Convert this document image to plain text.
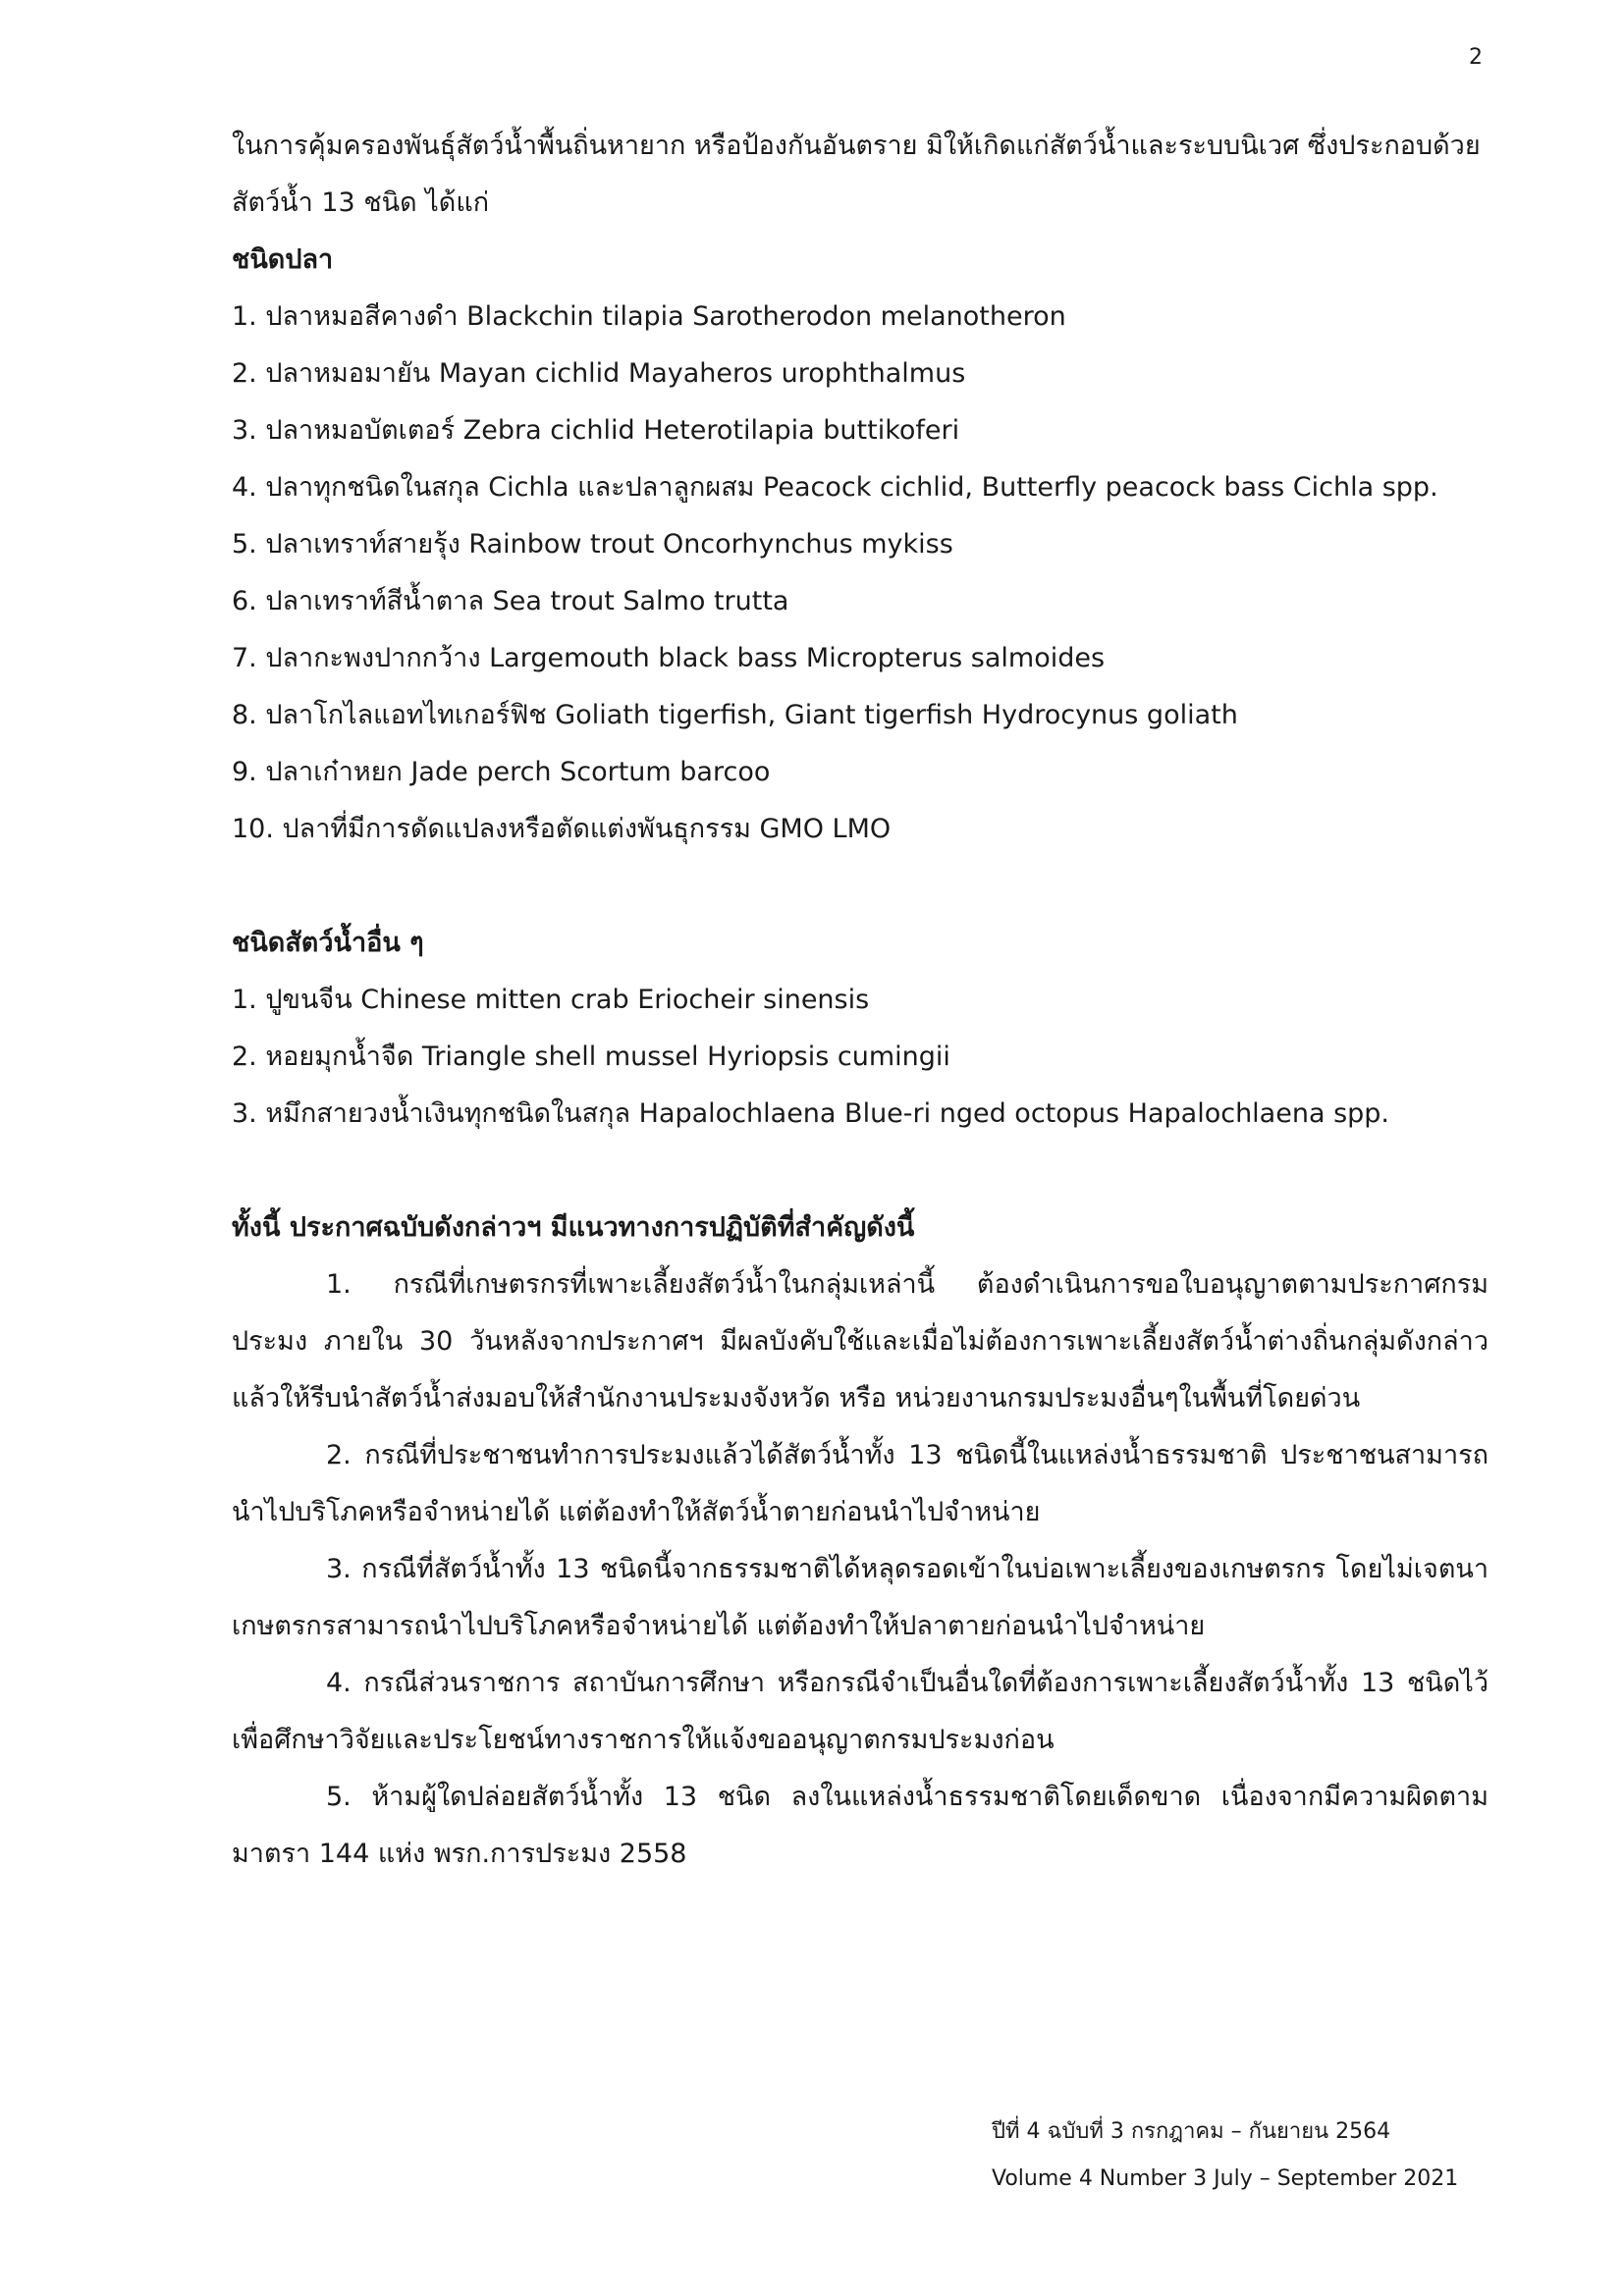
2

ในการคุ้มครองพันธุ์สัตว์น้ำพื้นถิ่นหายาก หรือป้องกันอันตราย มิให้เกิดแก่สัตว์น้ำและระบบนิเวศ ซึ่งประกอบด้วยสัตว์น้ำ 13 ชนิด ได้แก่

ชนิดปลา

1. ปลาหมอสีคางดำ Blackchin tilapia Sarotherodon melanotheron
2. ปลาหมอมายัน Mayan cichlid Mayaheros urophthalmus
3. ปลาหมอบัตเตอร์ Zebra cichlid Heterotilapia buttikoferi
4. ปลาทุกชนิดในสกุล Cichla และปลาลูกผสม Peacock cichlid, Butterfly peacock bass Cichla spp.
5. ปลาเทราท์สายรุ้ง Rainbow trout Oncorhynchus mykiss
6. ปลาเทราท์สีน้ำตาล Sea trout Salmo trutta
7. ปลากะพงปากกว้าง Largemouth black bass Micropterus salmoides
8. ปลาโกไลแอทไทเกอร์ฟิช Goliath tigerfish, Giant tigerfish Hydrocynus goliath
9. ปลาเก๋าหยก Jade perch Scortum barcoo
10. ปลาที่มีการดัดแปลงหรือตัดแต่งพันธุกรรม GMO LMO

ชนิดสัตว์น้ำอื่น ๆ

1. ปูขนจีน Chinese mitten crab Eriocheir sinensis
2. หอยมุกน้ำจืด Triangle shell mussel Hyriopsis cumingii
3. หมึกสายวงน้ำเงินทุกชนิดในสกุล Hapalochlaena Blue-ri nged octopus Hapalochlaena spp.

ทั้งนี้ ประกาศฉบับดังกล่าวฯ มีแนวทางการปฏิบัติที่สำคัญดังนี้

1. กรณีที่เกษตรกรที่เพาะเลี้ยงสัตว์น้ำในกลุ่มเหล่านี้ ต้องดำเนินการขอใบอนุญาตตามประกาศกรมประมง ภายใน 30 วันหลังจากประกาศฯ มีผลบังคับใช้และเมื่อไม่ต้องการเพาะเลี้ยงสัตว์น้ำต่างถิ่นกลุ่มดังกล่าวแล้วให้รีบนำสัตว์น้ำส่งมอบให้สำนักงานประมงจังหวัด หรือ หน่วยงานกรมประมงอื่นๆในพื้นที่โดยด่วน

2. กรณีที่ประชาชนทำการประมงแล้วได้สัตว์น้ำทั้ง 13 ชนิดนี้ในแหล่งน้ำธรรมชาติ ประชาชนสามารถนำไปบริโภคหรือจำหน่ายได้ แต่ต้องทำให้สัตว์น้ำตายก่อนนำไปจำหน่าย

3. กรณีที่สัตว์น้ำทั้ง 13 ชนิดนี้จากธรรมชาติได้หลุดรอดเข้าในบ่อเพาะเลี้ยงของเกษตรกร โดยไม่เจตนาเกษตรกรสามารถนำไปบริโภคหรือจำหน่ายได้ แต่ต้องทำให้ปลาตายก่อนนำไปจำหน่าย

4. กรณีส่วนราชการ สถาบันการศึกษา หรือกรณีจำเป็นอื่นใดที่ต้องการเพาะเลี้ยงสัตว์น้ำทั้ง 13 ชนิดไว้เพื่อศึกษาวิจัยและประโยชน์ทางราชการให้แจ้งขออนุญาตกรมประมงก่อน

5. ห้ามผู้ใดปล่อยสัตว์น้ำทั้ง 13 ชนิด ลงในแหล่งน้ำธรรมชาติโดยเด็ดขาด เนื่องจากมีความผิดตามมาตรา 144 แห่ง พรก.การประมง 2558

ปีที่ 4 ฉบับที่ 3 กรกฎาคม – กันยายน 2564
Volume 4 Number 3 July – September 2021
